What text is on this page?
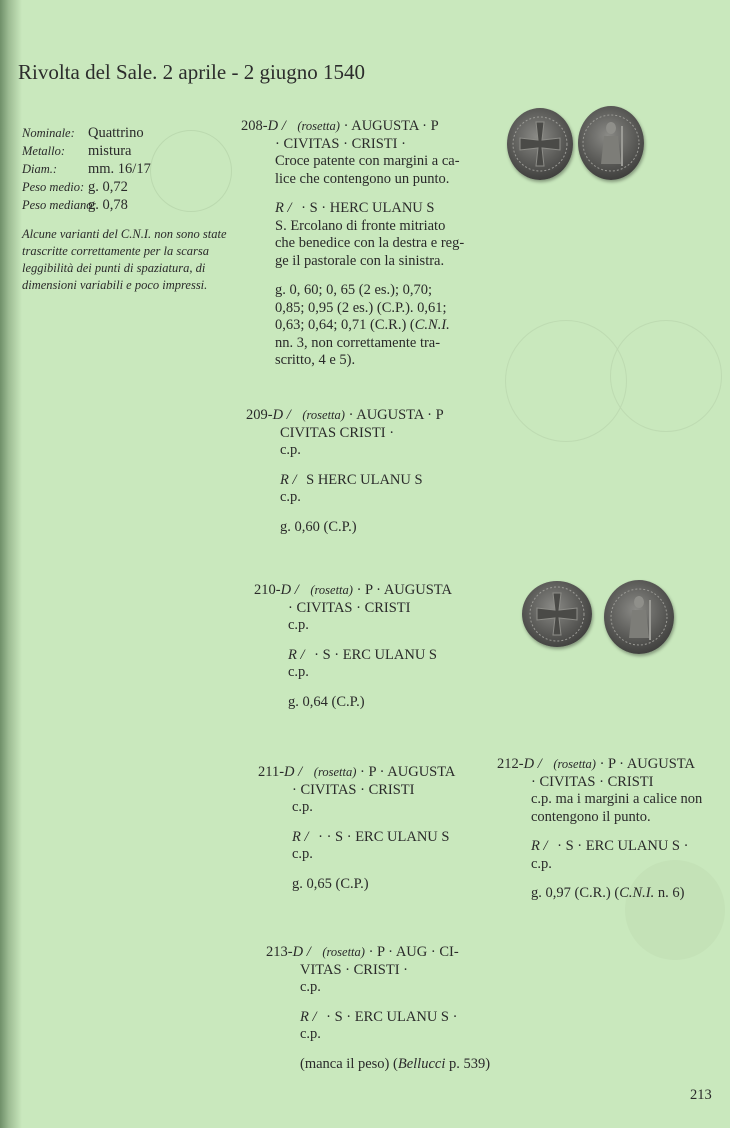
Rivolta del Sale. 2 aprile - 2 giugno 1540
Nominale: Quattrino
Metallo:	mistura
Diam.:	mm. 16/17
Peso medio: g. 0,72
Peso mediano:
g. 0,78
Alcune varianti del C.N.I. non sono state trascritte correttamente per la scarsa leggibilità dei punti di spaziatura, di dimensioni variabili e poco impressi.
208-D / (rosetta) · AUGUSTA · P
· CIVITAS · CRISTI ·
Croce patente con margini a ca-
lice che contengono un punto.
R / · S · HERC ULANU S
S. Ercolano di fronte mitriato
che benedice con la destra e reg-
ge il pastorale con la sinistra.
g. 0, 60; 0, 65 (2 es.); 0,70;
0,85; 0,95 (2 es.) (C.P.). 0,61;
0,63; 0,64; 0,71 (C.R.) (C.N.I.
nn. 3, non correttamente tra-
scritto, 4 e 5).
209-D / (rosetta) · AUGUSTA · P
CIVITAS CRISTI ·
c.p.
R / S HERC ULANU S
c.p.
g. 0,60 (C.P.)
210-D / (rosetta) · P · AUGUSTA
· CIVITAS · CRISTI
c.p.
R / · S · ERC ULANU S
c.p.
g. 0,64 (C.P.)
211-D / (rosetta) · P · AUGUSTA
· CIVITAS · CRISTI
c.p.
R / · · S · ERC ULANU S
c.p.
g. 0,65 (C.P.)
212-D / (rosetta) · P · AUGUSTA
· CIVITAS · CRISTI
c.p. ma i margini a calice non
contengono il punto.
R / · S · ERC ULANU S ·
c.p.
g. 0,97 (C.R.) (C.N.I. n. 6)
213-D / (rosetta) · P · AUG · CI-
VITAS · CRISTI ·
c.p.
R / · S · ERC ULANU S ·
c.p.
(manca il peso) (Bellucci p. 539)
213
